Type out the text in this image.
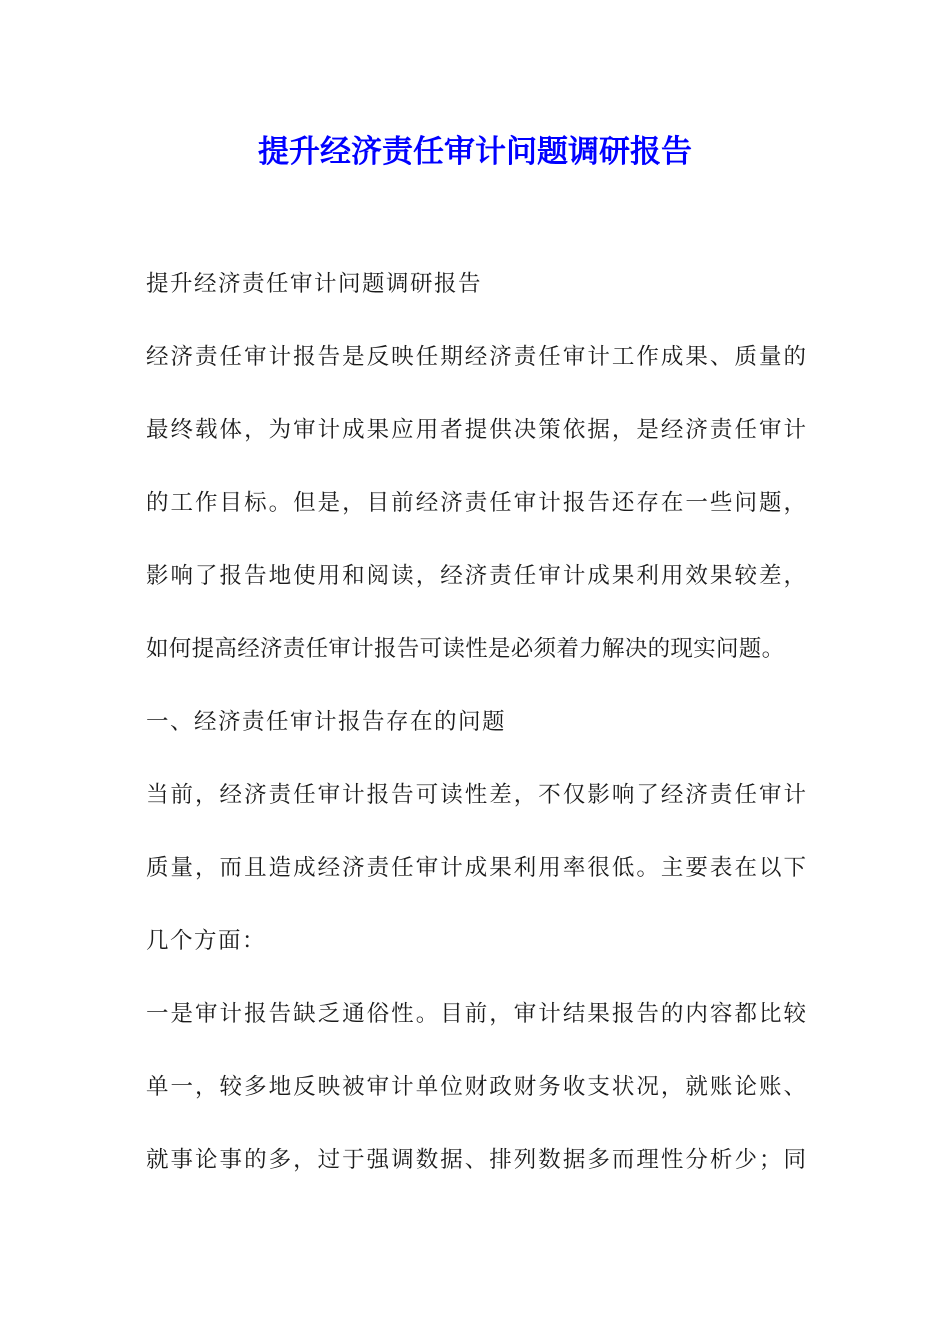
提升经济责任审计问题调研报告
提升经济责任审计问题调研报告
经济责任审计报告是反映任期经济责任审计工作成果、质量的
最终载体，为审计成果应用者提供决策依据，是经济责任审计
的工作目标。但是，目前经济责任审计报告还存在一些问题，
影响了报告地使用和阅读，经济责任审计成果利用效果较差，
如何提高经济责任审计报告可读性是必须着力解决的现实问题。
一、经济责任审计报告存在的问题
当前，经济责任审计报告可读性差，不仅影响了经济责任审计
质量，而且造成经济责任审计成果利用率很低。主要表在以下
几个方面：
一是审计报告缺乏通俗性。目前，审计结果报告的内容都比较
单一，较多地反映被审计单位财政财务收支状况，就账论账、
就事论事的多，过于强调数据、排列数据多而理性分析少；同
